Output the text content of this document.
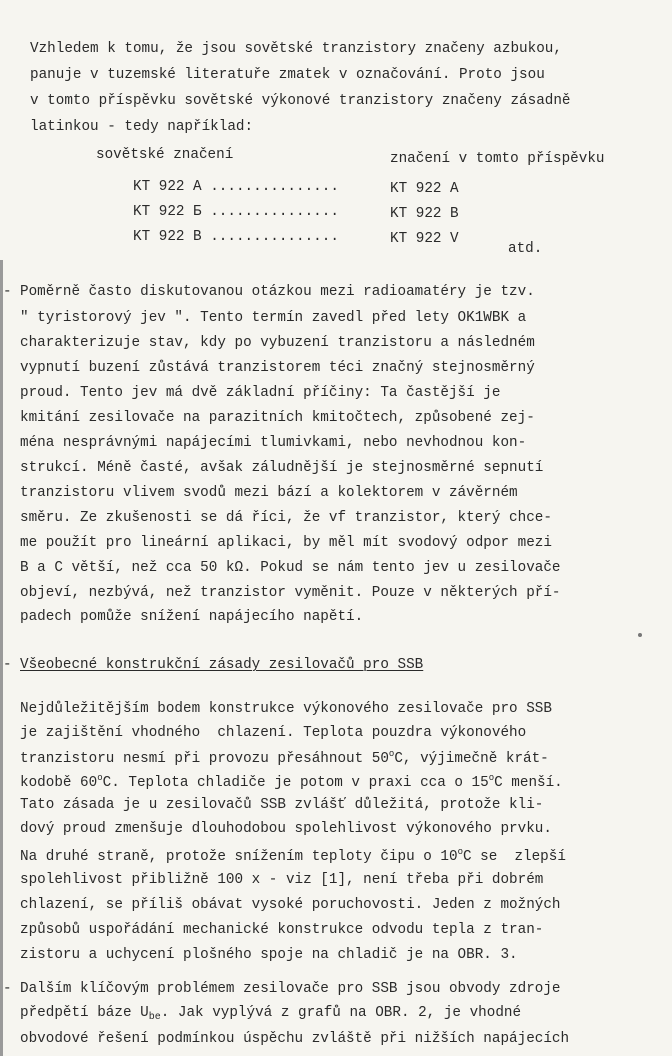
Vzhledem k tomu, že jsou sovětské tranzistory značeny azbukou,
panuje v tuzemské literatuře zmatek v označování. Proto jsou
v tomto příspěvku sovětské výkonové tranzistory značeny zásadně
latinkou - tedy například:
sovětské značení	značení v tomto příspěvku
KT 922 A ...............	KT 922 A
KT 922 Б ...............	KT 922 B
KT 922 B ...............	KT 922 V
atd.
- Poměrně často diskutovanou otázkou mezi radioamatéry je tzv.
" tyristorový jev ". Tento termín zavedl před lety OK1WBK a
charakterizuje stav, kdy po vybuzení tranzistoru a následném
vypnutí buzení zůstává tranzistorem téci značný stejnosměrný
proud. Tento jev má dvě základní příčiny: Ta častější je
kmitání zesilovače na parazitních kmitočtech, způsobené zej-
ména nesprávnými napájecími tlumivkami, nebo nevhodnou kon-
strukcí. Méně časté, avšak záludnější je stejnosměrné sepnutí
tranzistoru vlivem svodů mezi bází a kolektorem v závěrném
směru. Ze zkušenosti se dá říci, že vf tranzistor, který chce-
me použít pro lineární aplikaci, by měl mít svodový odpor mezi
B a C větší, než cca 50 kΩ. Pokud se nám tento jev u zesilovače
objeví, nezbývá, než tranzistor vyměnit. Pouze v některých pří-
padech pomůže snížení napájecího napětí.
- Všeobecné konstrukční zásady zesilovačů pro SSB
Nejdůležitějším bodem konstrukce výkonového zesilovače pro SSB
je zajištění vhodného  chlazení. Teplota pouzdra výkonového
tranzistoru nesmí při provozu přesáhnout 50$^o$C, výjimečně krát-
kodobě 60$^o$C. Teplota chladiče je potom v praxi cca o 15$^o$C menší.
Tato zásada je u zesilovačů SSB zvlášť důležitá, protože kli-
dový proud zmenšuje dlouhodobou spolehlivost výkonového prvku.
Na druhé straně, protože snížením teploty čipu o 10$^o$C se  zlepší
spolehlivost přibližně 100 x - viz [1], není třeba při dobrém
chlazení, se příliš obávat vysoké poruchovosti. Jeden z možných
způsobů uspořádání mechanické konstrukce odvodu tepla z tran-
zistoru a uchycení plošného spoje na chladič je na OBR. 3.
- Dalším klíčovým problémem zesilovače pro SSB jsou obvody zdroje
předpětí báze $U_{be}$. Jak vyplývá z grafů na OBR. 2, je vhodné
obvodové řešení podmínkou úspěchu zvláště při nižších napájecích
